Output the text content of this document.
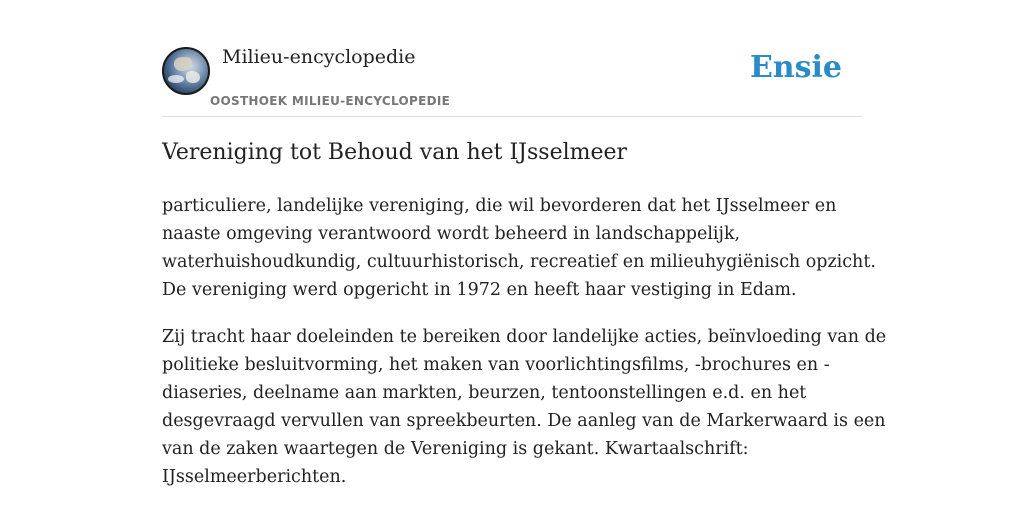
Milieu-encyclopedie
OOSTHOEK MILIEU-ENCYCLOPEDIE
Ensie
Vereniging tot Behoud van het IJsselmeer
particuliere, landelijke vereniging, die wil bevorderen dat het IJsselmeer en
naaste omgeving verantwoord wordt beheerd in landschappelijk,
waterhuishoudkundig, cultuurhistorisch, recreatief en milieuhygiënisch opzicht.
De vereniging werd opgericht in 1972 en heeft haar vestiging in Edam.
Zij tracht haar doeleinden te bereiken door landelijke acties, beïnvloeding van de
politieke besluitvorming, het maken van voorlichtingsfilms, -brochures en -
diaseries, deelname aan markten, beurzen, tentoonstellingen e.d. en het
desgevraagd vervullen van spreekbeurten. De aanleg van de Markerwaard is een
van de zaken waartegen de Vereniging is gekant. Kwartaalschrift:
IJsselmeerberichten.
